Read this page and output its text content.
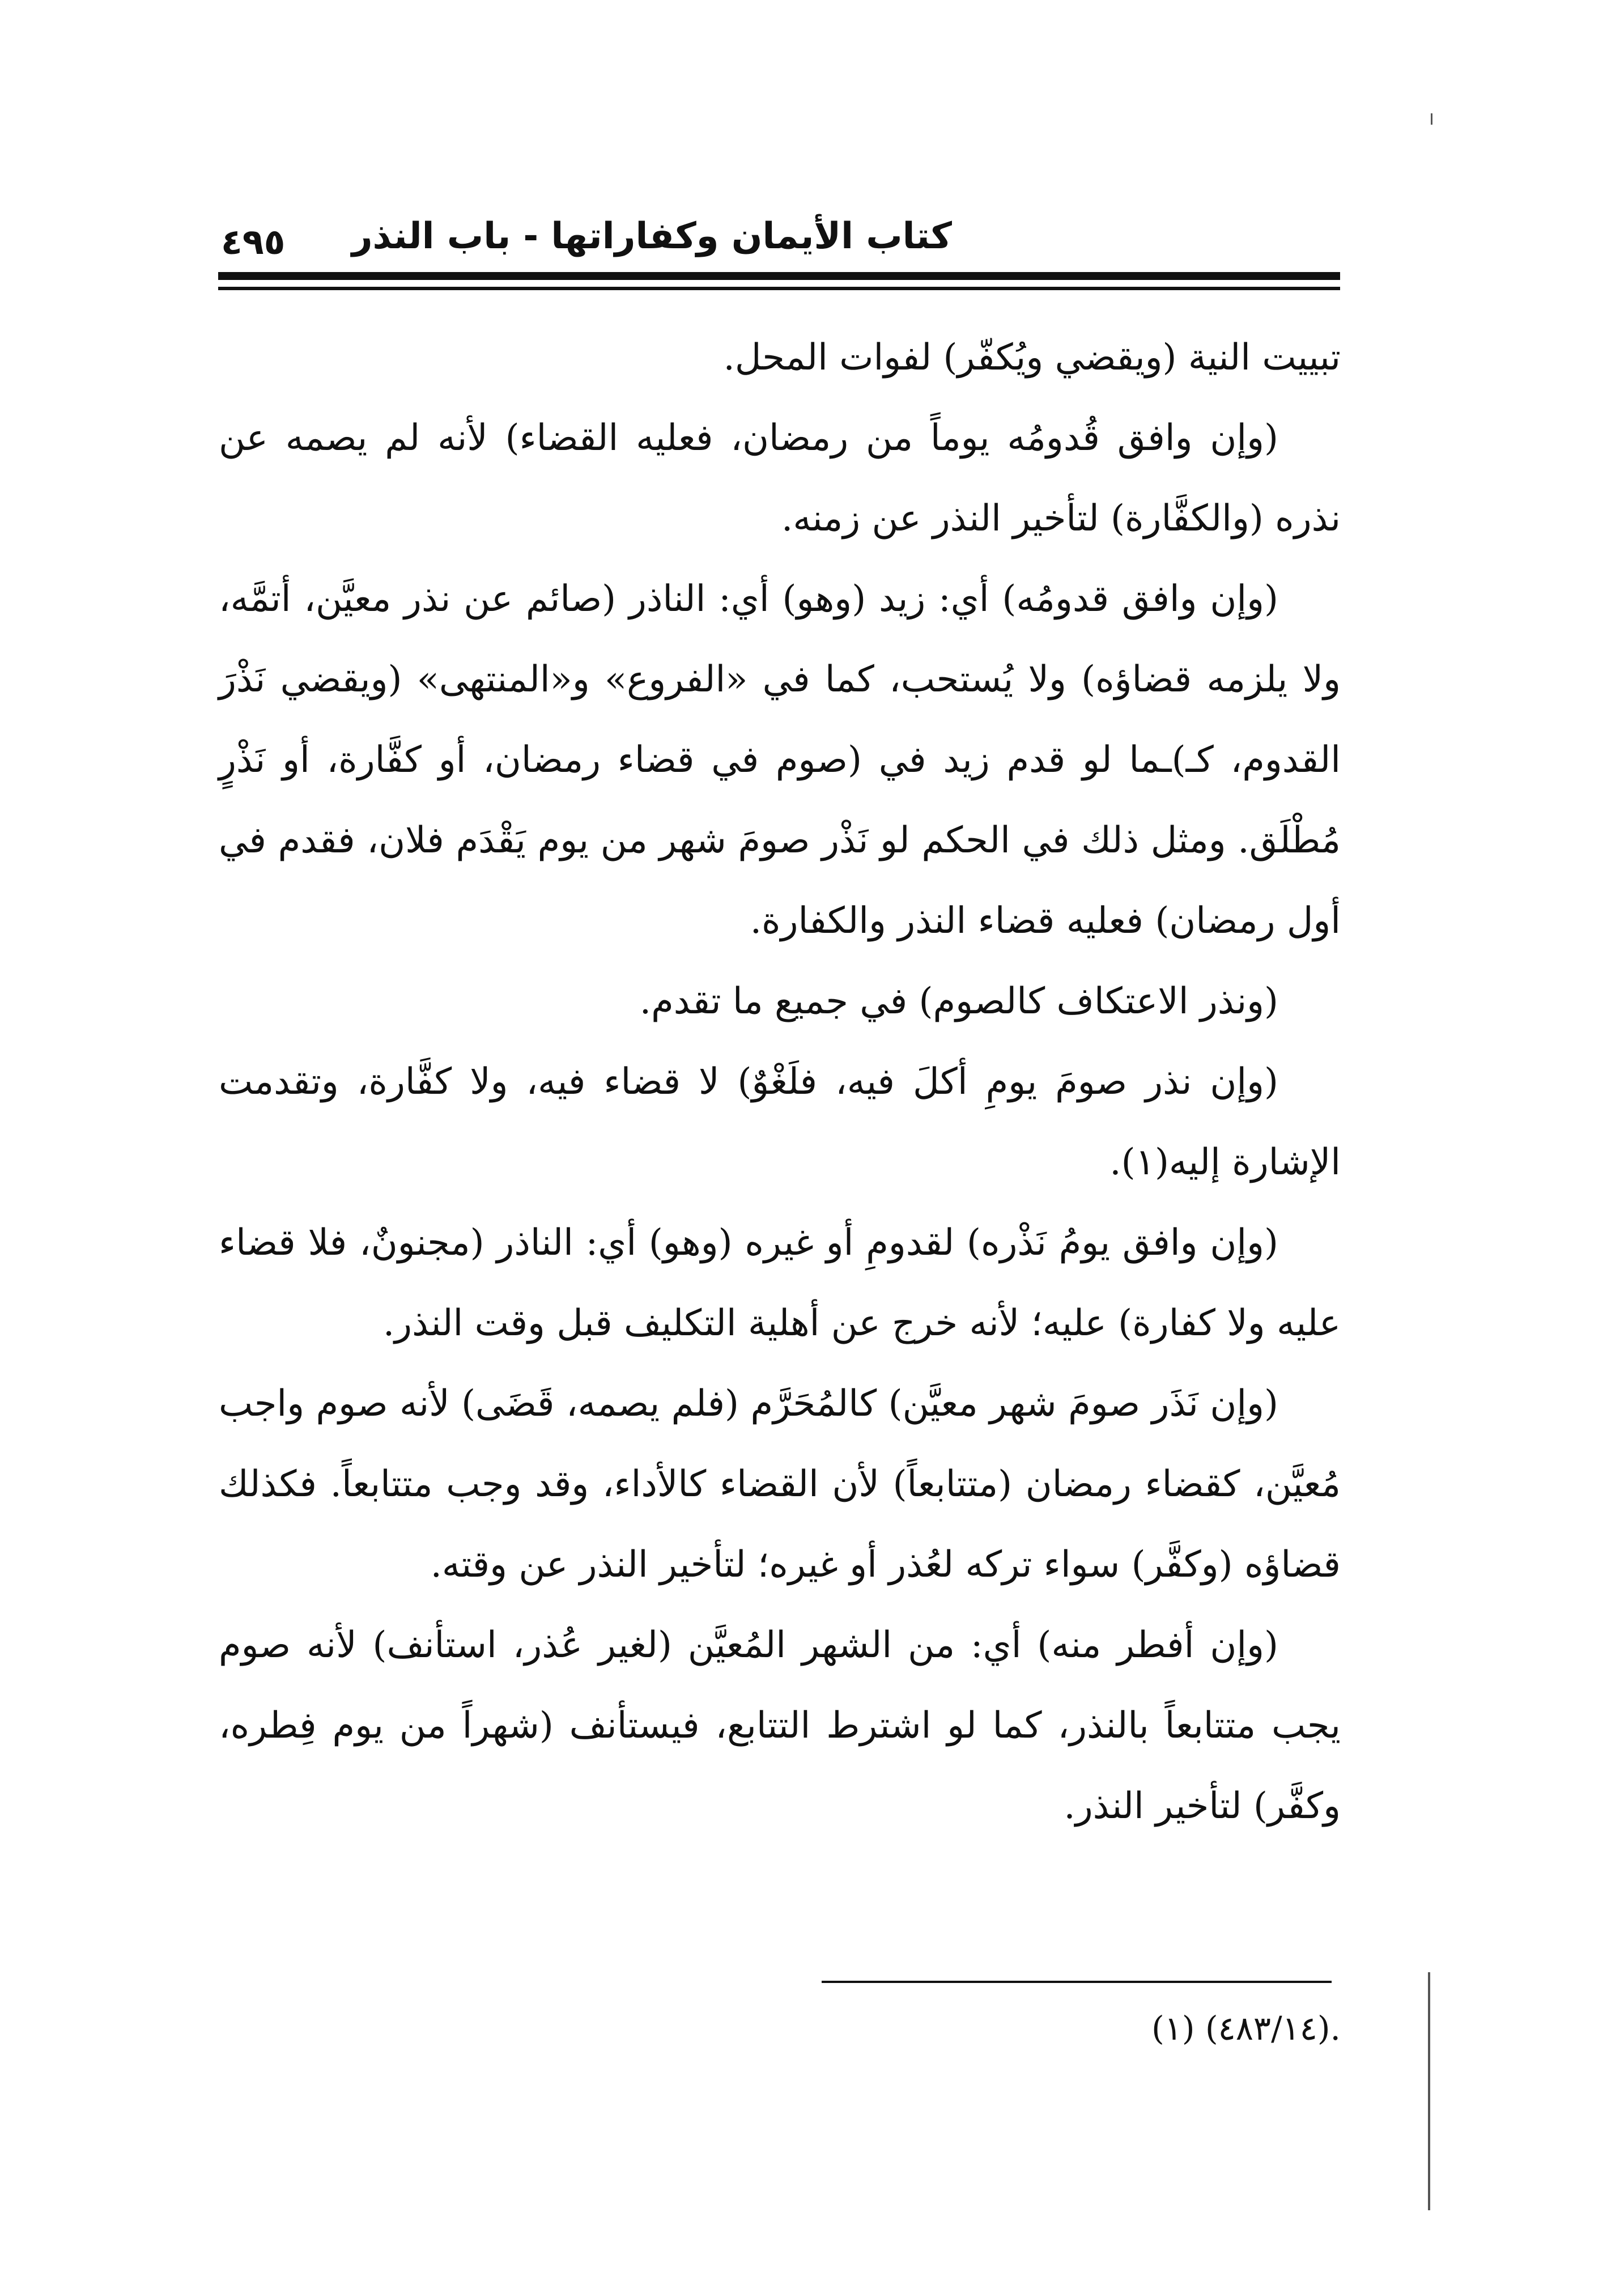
كتاب الأيمان وكفاراتها - باب النذر
٤٩٥

تبييت النية (ويقضي ويُكفّر) لفوات المحل.

(وإن وافق قُدومُه يوماً من رمضان، فعليه القضاء) لأنه لم يصمه عن نذره (والكفَّارة) لتأخير النذر عن زمنه.

(وإن وافق قدومُه) أي: زيد (وهو) أي: الناذر (صائم عن نذر معيَّن، أتمَّه، ولا يلزمه قضاؤه) ولا يُستحب، كما في «الفروع» و«المنتهى» (ويقضي نَذْرَ القدوم، كـ)ـما لو قدم زيد في (صوم في قضاء رمضان، أو كفَّارة، أو نَذْرٍ مُطْلَق. ومثل ذلك في الحكم لو نَذْر صومَ شهر من يوم يَقْدَم فلان، فقدم في أول رمضان) فعليه قضاء النذر والكفارة.

(ونذر الاعتكاف كالصوم) في جميع ما تقدم.

(وإن نذر صومَ يومِ أكلَ فيه، فلَغْوٌ) لا قضاء فيه، ولا كفَّارة، وتقدمت الإشارة إليه(١).

(وإن وافق يومُ نَذْره) لقدومِ أو غيره (وهو) أي: الناذر (مجنونٌ، فلا قضاء عليه ولا كفارة) عليه؛ لأنه خرج عن أهلية التكليف قبل وقت النذر.

(وإن نَذَر صومَ شهر معيَّن) كالمُحَرَّم (فلم يصمه، قَضَى) لأنه صوم واجب مُعيَّن، كقضاء رمضان (متتابعاً) لأن القضاء كالأداء، وقد وجب متتابعاً. فكذلك قضاؤه (وكفَّر) سواء تركه لعُذر أو غيره؛ لتأخير النذر عن وقته.

(وإن أفطر منه) أي: من الشهر المُعيَّن (لغير عُذر، استأنف) لأنه صوم يجب متتابعاً بالنذر، كما لو اشترط التتابع، فيستأنف (شهراً من يوم فِطره، وكفَّر) لتأخير النذر.

.(٤٨٣/١٤) (١)
